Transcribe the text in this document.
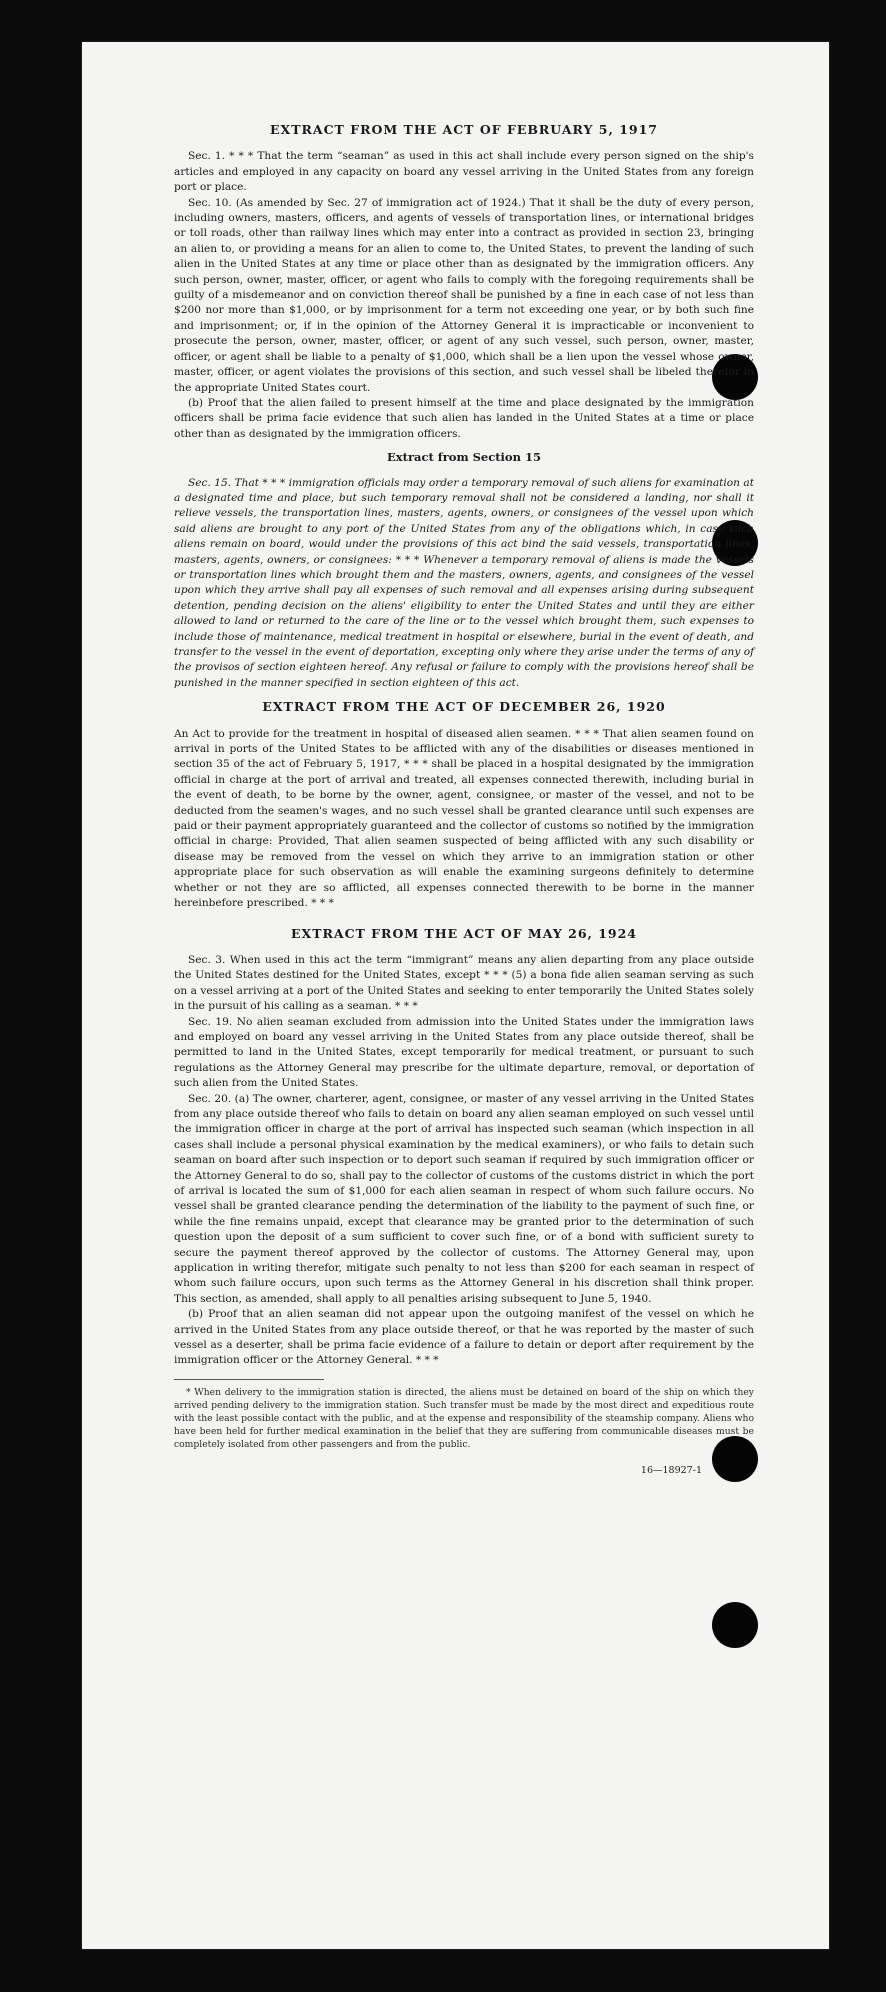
EXTRACT FROM THE ACT OF FEBRUARY 5, 1917

Sec. 1. * * * That the term “seaman” as used in this act shall include every person signed on the ship's articles and employed in any capacity on board any vessel arriving in the United States from any foreign port or place.

Sec. 10. (As amended by Sec. 27 of immigration act of 1924.) That it shall be the duty of every person, including owners, masters, officers, and agents of vessels of transportation lines, or international bridges or toll roads, other than railway lines which may enter into a contract as provided in section 23, bringing an alien to, or providing a means for an alien to come to, the United States, to prevent the landing of such alien in the United States at any time or place other than as designated by the immigration officers. Any such person, owner, master, officer, or agent who fails to comply with the foregoing requirements shall be guilty of a misdemeanor and on conviction thereof shall be punished by a fine in each case of not less than $200 nor more than $1,000, or by imprisonment for a term not exceeding one year, or by both such fine and imprisonment; or, if in the opinion of the Attorney General it is impracticable or inconvenient to prosecute the person, owner, master, officer, or agent of any such vessel, such person, owner, master, officer, or agent shall be liable to a penalty of $1,000, which shall be a lien upon the vessel whose owner, master, officer, or agent violates the provisions of this section, and such vessel shall be libeled therefor in the appropriate United States court.

(b) Proof that the alien failed to present himself at the time and place designated by the immigration officers shall be prima facie evidence that such alien has landed in the United States at a time or place other than as designated by the immigration officers.

Extract from Section 15

Sec. 15. That * * * immigration officials may order a temporary removal of such aliens for examination at a designated time and place, but such temporary removal shall not be considered a landing, nor shall it relieve vessels, the transportation lines, masters, agents, owners, or consignees of the vessel upon which said aliens are brought to any port of the United States from any of the obligations which, in case such aliens remain on board, would under the provisions of this act bind the said vessels, transportation lines, masters, agents, owners, or consignees: * * * Whenever a temporary removal of aliens is made the vessels or transportation lines which brought them and the masters, owners, agents, and consignees of the vessel upon which they arrive shall pay all expenses of such removal and all expenses arising during subsequent detention, pending decision on the aliens' eligibility to enter the United States and until they are either allowed to land or returned to the care of the line or to the vessel which brought them, such expenses to include those of maintenance, medical treatment in hospital or elsewhere, burial in the event of death, and transfer to the vessel in the event of deportation, excepting only where they arise under the terms of any of the provisos of section eighteen hereof. Any refusal or failure to comply with the provisions hereof shall be punished in the manner specified in section eighteen of this act.

EXTRACT FROM THE ACT OF DECEMBER 26, 1920

An Act to provide for the treatment in hospital of diseased alien seamen. * * * That alien seamen found on arrival in ports of the United States to be afflicted with any of the disabilities or diseases mentioned in section 35 of the act of February 5, 1917, * * * shall be placed in a hospital designated by the immigration official in charge at the port of arrival and treated, all expenses connected therewith, including burial in the event of death, to be borne by the owner, agent, consignee, or master of the vessel, and not to be deducted from the seamen's wages, and no such vessel shall be granted clearance until such expenses are paid or their payment appropriately guaranteed and the collector of customs so notified by the immigration official in charge: Provided, That alien seamen suspected of being afflicted with any such disability or disease may be removed from the vessel on which they arrive to an immigration station or other appropriate place for such observation as will enable the examining surgeons definitely to determine whether or not they are so afflicted, all expenses connected therewith to be borne in the manner hereinbefore prescribed. * * *

EXTRACT FROM THE ACT OF MAY 26, 1924

Sec. 3. When used in this act the term “immigrant” means any alien departing from any place outside the United States destined for the United States, except * * * (5) a bona fide alien seaman serving as such on a vessel arriving at a port of the United States and seeking to enter temporarily the United States solely in the pursuit of his calling as a seaman. * * *

Sec. 19. No alien seaman excluded from admission into the United States under the immigration laws and employed on board any vessel arriving in the United States from any place outside thereof, shall be permitted to land in the United States, except temporarily for medical treatment, or pursuant to such regulations as the Attorney General may prescribe for the ultimate departure, removal, or deportation of such alien from the United States.

Sec. 20. (a) The owner, charterer, agent, consignee, or master of any vessel arriving in the United States from any place outside thereof who fails to detain on board any alien seaman employed on such vessel until the immigration officer in charge at the port of arrival has inspected such seaman (which inspection in all cases shall include a personal physical examination by the medical examiners), or who fails to detain such seaman on board after such inspection or to deport such seaman if required by such immigration officer or the Attorney General to do so, shall pay to the collector of customs of the customs district in which the port of arrival is located the sum of $1,000 for each alien seaman in respect of whom such failure occurs. No vessel shall be granted clearance pending the determination of the liability to the payment of such fine, or while the fine remains unpaid, except that clearance may be granted prior to the determination of such question upon the deposit of a sum sufficient to cover such fine, or of a bond with sufficient surety to secure the payment thereof approved by the collector of customs. The Attorney General may, upon application in writing therefor, mitigate such penalty to not less than $200 for each seaman in respect of whom such failure occurs, upon such terms as the Attorney General in his discretion shall think proper. This section, as amended, shall apply to all penalties arising subsequent to June 5, 1940.

(b) Proof that an alien seaman did not appear upon the outgoing manifest of the vessel on which he arrived in the United States from any place outside thereof, or that he was reported by the master of such vessel as a deserter, shall be prima facie evidence of a failure to detain or deport after requirement by the immigration officer or the Attorney General. * * *

* When delivery to the immigration station is directed, the aliens must be detained on board of the ship on which they arrived pending delivery to the immigration station. Such transfer must be made by the most direct and expeditious route with the least possible contact with the public, and at the expense and responsibility of the steamship company. Aliens who have been held for further medical examination in the belief that they are suffering from communicable diseases must be completely isolated from other passengers and from the public.

16—18927-1
